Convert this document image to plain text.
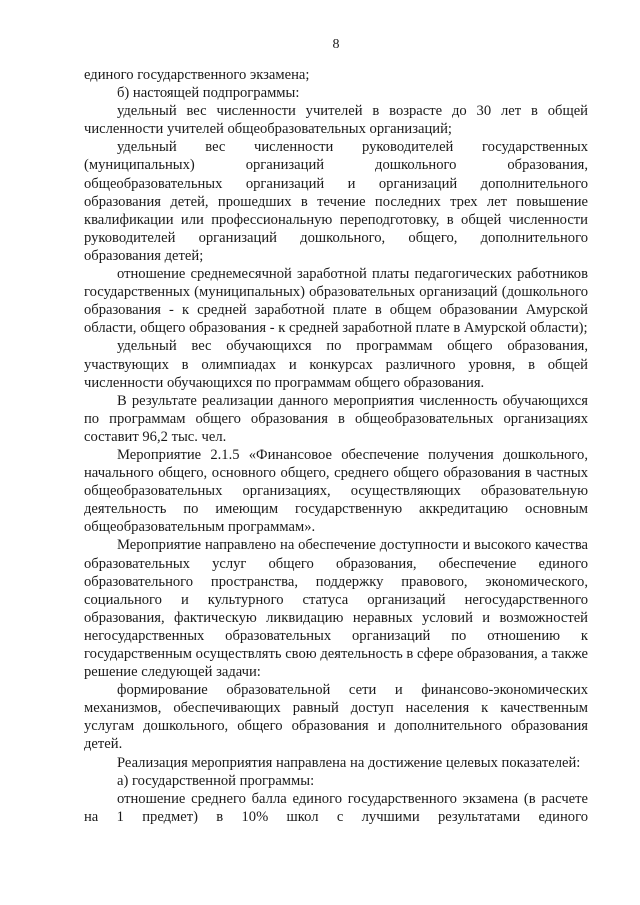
8

единого государственного экзамена;

б) настоящей подпрограммы:

удельный вес численности учителей в возрасте до 30 лет в общей численности учителей общеобразовательных организаций;

удельный вес численности руководителей государственных (муниципальных) организаций дошкольного образования, общеобразовательных организаций и организаций дополнительного образования детей, прошедших в течение последних трех лет повышение квалификации или профессиональную переподготовку, в общей численности руководителей организаций дошкольного, общего, дополнительного образования детей;

отношение среднемесячной заработной платы педагогических работников государственных (муниципальных) образовательных организаций (дошкольного образования - к средней заработной плате в общем образовании Амурской области, общего образования - к средней заработной плате в Амурской области);

удельный вес обучающихся по программам общего образования, участвующих в олимпиадах и конкурсах различного уровня, в общей численности обучающихся по программам общего образования.

В результате реализации данного мероприятия численность обучающихся по программам общего образования в общеобразовательных организациях составит 96,2 тыс. чел.

Мероприятие 2.1.5 «Финансовое обеспечение получения дошкольного, начального общего, основного общего, среднего общего образования в частных общеобразовательных организациях, осуществляющих образовательную деятельность по имеющим государственную аккредитацию основным общеобразовательным программам».

Мероприятие направлено на обеспечение доступности и высокого качества образовательных услуг общего образования, обеспечение единого образовательного пространства, поддержку правового, экономического, социального и культурного статуса организаций негосударственного образования, фактическую ликвидацию неравных условий и возможностей негосударственных образовательных организаций по отношению к государственным осуществлять свою деятельность в сфере образования, а также решение следующей задачи:

формирование образовательной сети и финансово-экономических механизмов, обеспечивающих равный доступ населения к качественным услугам дошкольного, общего образования и дополнительного образования детей.

Реализация мероприятия направлена на достижение целевых показателей:

а) государственной программы:

отношение среднего балла единого государственного экзамена (в расчете на 1 предмет) в 10% школ с лучшими результатами единого
